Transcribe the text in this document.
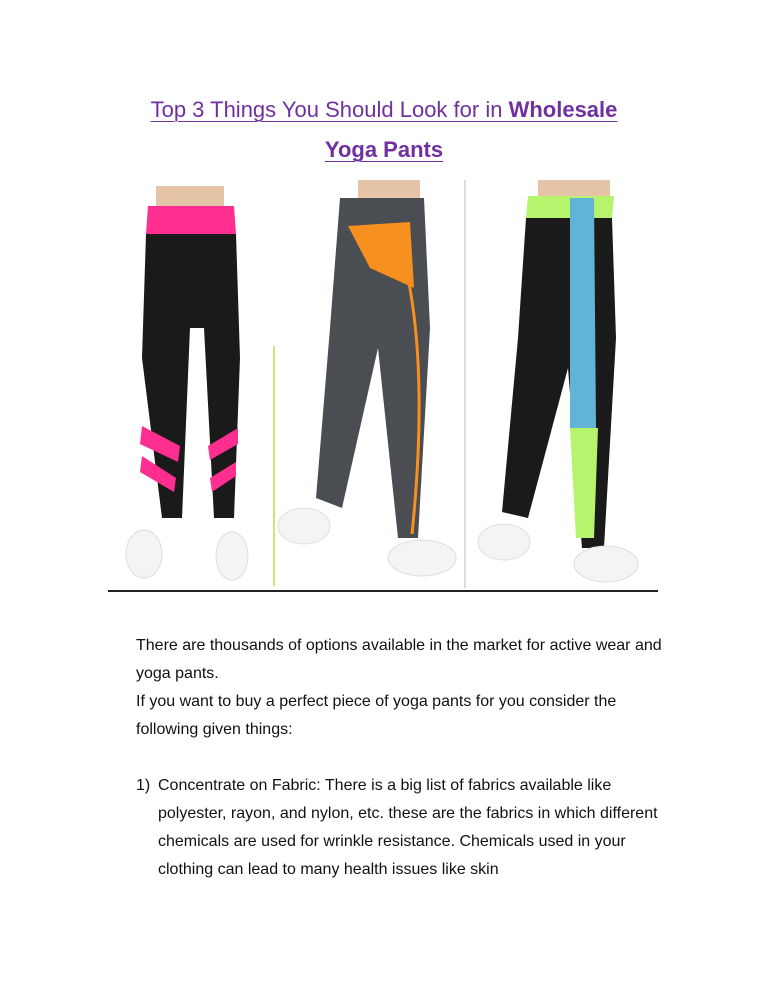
Top 3 Things You Should Look for in Wholesale
Yoga Pants

There are thousands of options available in the market for active wear and yoga pants.

If you want to buy a perfect piece of yoga pants for you consider the following given things:

1) Concentrate on Fabric: There is a big list of fabrics available like polyester, rayon, and nylon, etc. these are the fabrics in which different chemicals are used for wrinkle resistance. Chemicals used in your clothing can lead to many health issues like skin
